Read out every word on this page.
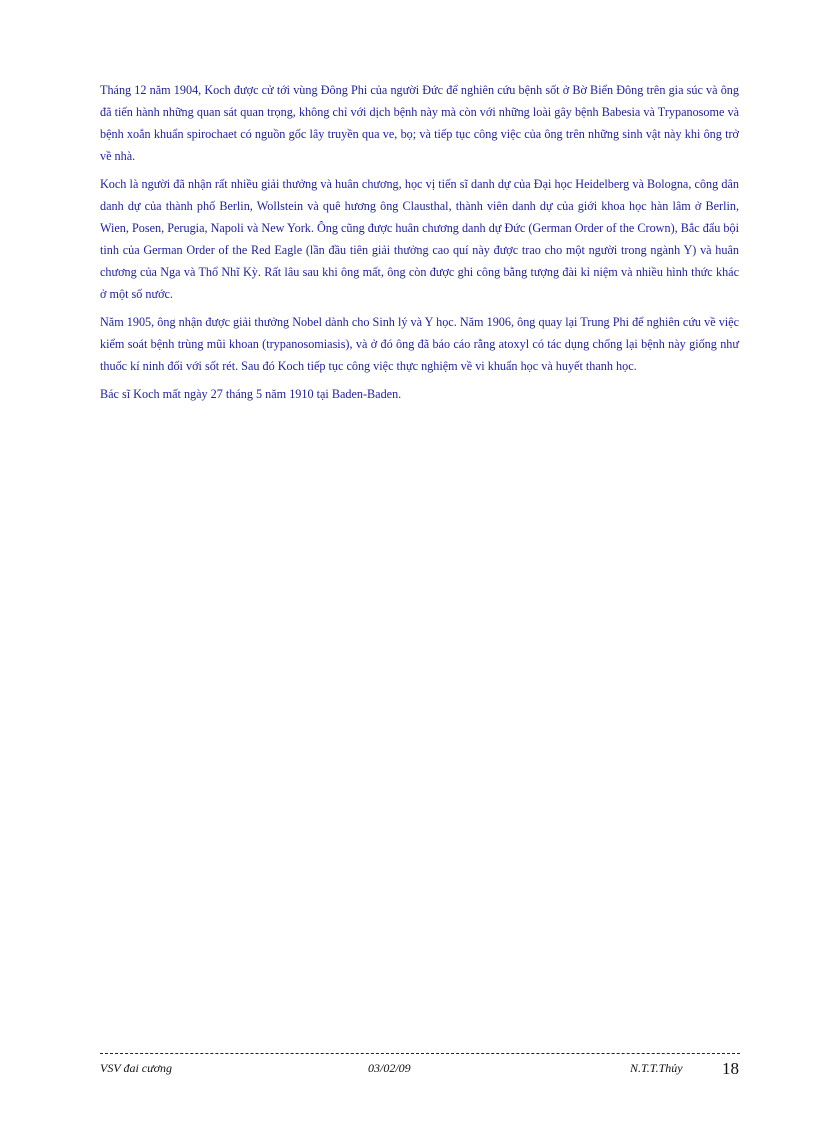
Tháng 12 năm 1904, Koch được cử tới vùng Đông Phi của người Đức để nghiên cứu bệnh sốt ở Bờ Biển Đông trên gia súc và ông đã tiến hành những quan sát quan trọng, không chỉ với dịch bệnh này mà còn với những loài gây bệnh Babesia và Trypanosome và bệnh xoắn khuẩn spirochaet có nguồn gốc lây truyền qua ve, bọ; và tiếp tục công việc của ông trên những sinh vật này khi ông trở về nhà.

Koch là người đã nhận rất nhiều giải thưởng và huân chương, học vị tiến sĩ danh dự của Đại học Heidelberg và Bologna, công dân danh dự của thành phố Berlin, Wollstein và quê hương ông Clausthal, thành viên danh dự của giới khoa học hàn lâm ở Berlin, Wien, Posen, Perugia, Napoli và New York. Ông cũng được huân chương danh dự Đức (German Order of the Crown), Bắc đẩu bội tinh của German Order of the Red Eagle (lần đầu tiên giải thưởng cao quí này được trao cho một người trong ngành Y) và huân chương của Nga và Thổ Nhĩ Kỳ. Rất lâu sau khi ông mất, ông còn được ghi công bằng tượng đài kỉ niệm và nhiều hình thức khác ở một số nước.

Năm 1905, ông nhận được giải thưởng Nobel dành cho Sinh lý và Y học. Năm 1906, ông quay lại Trung Phi để nghiên cứu về việc kiểm soát bệnh trùng mũi khoan (trypanosomiasis), và ở đó ông đã báo cáo rằng atoxyl có tác dụng chống lại bệnh này giống như thuốc kí ninh đối với sốt rét. Sau đó Koch tiếp tục công việc thực nghiệm về vi khuẩn học và huyết thanh học.

Bác sĩ Koch mất ngày 27 tháng 5 năm 1910 tại Baden-Baden.

VSV đai cương	03/02/09	N.T.T.Thủy 18
